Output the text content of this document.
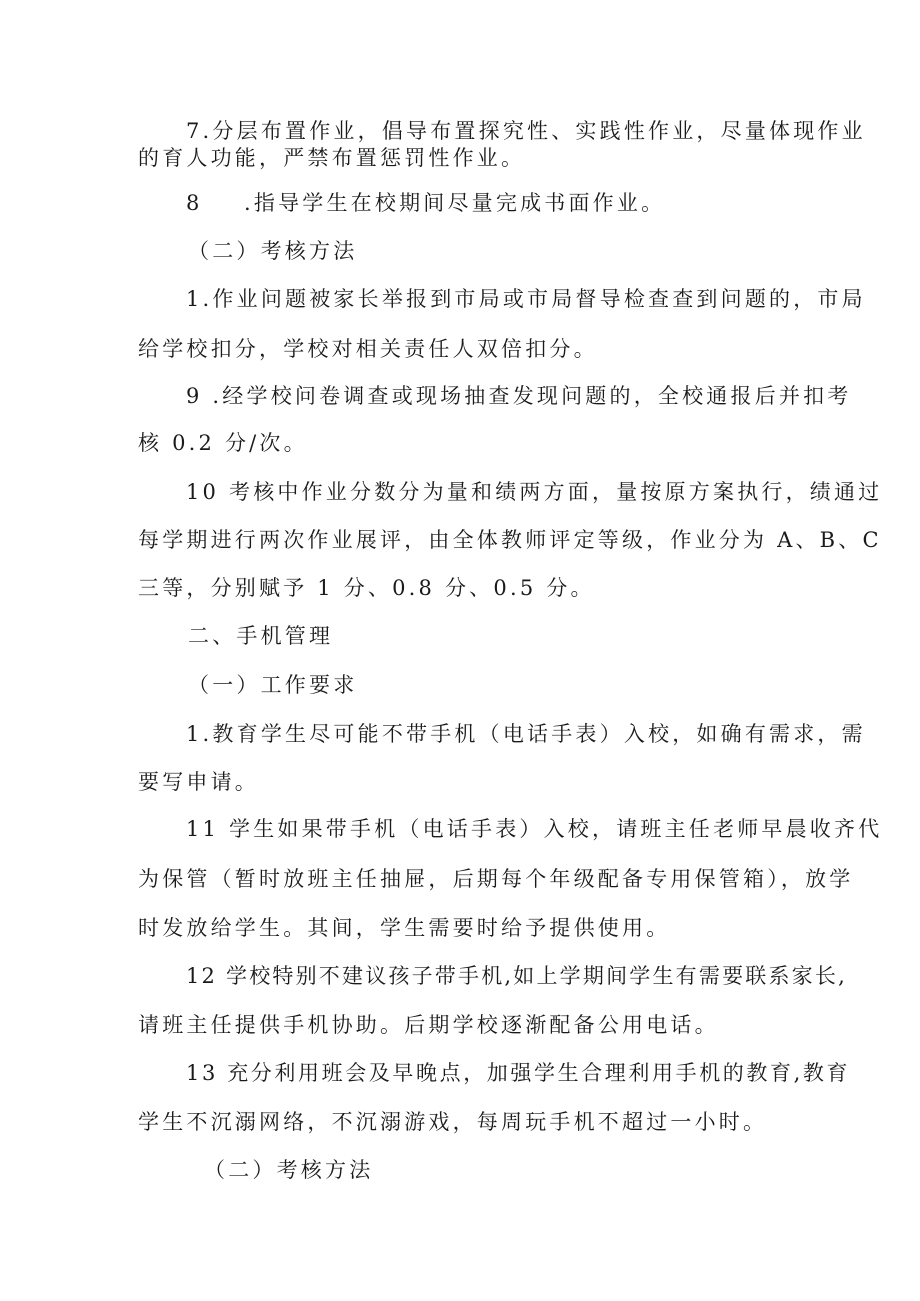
7.分层布置作业，倡导布置探究性、实践性作业，尽量体现作业
的育人功能，严禁布置惩罚性作业。
8 .指导学生在校期间尽量完成书面作业。
（二）考核方法
1.作业问题被家长举报到市局或市局督导检查查到问题的，市局
给学校扣分，学校对相关责任人双倍扣分。
9 .经学校问卷调查或现场抽查发现问题的，全校通报后并扣考
核 0.2 分/次。
10 考核中作业分数分为量和绩两方面，量按原方案执行，绩通过
每学期进行两次作业展评，由全体教师评定等级，作业分为 A、B、C
三等，分别赋予 1 分、0.8 分、0.5 分。
二、手机管理
（一）工作要求
1.教育学生尽可能不带手机（电话手表）入校，如确有需求，需
要写申请。
11 学生如果带手机（电话手表）入校，请班主任老师早晨收齐代
为保管（暂时放班主任抽屉，后期每个年级配备专用保管箱），放学
时发放给学生。其间，学生需要时给予提供使用。
12 学校特别不建议孩子带手机,如上学期间学生有需要联系家长,
请班主任提供手机协助。后期学校逐渐配备公用电话。
13 充分利用班会及早晚点，加强学生合理利用手机的教育,教育
学生不沉溺网络，不沉溺游戏，每周玩手机不超过一小时。
（二）考核方法
